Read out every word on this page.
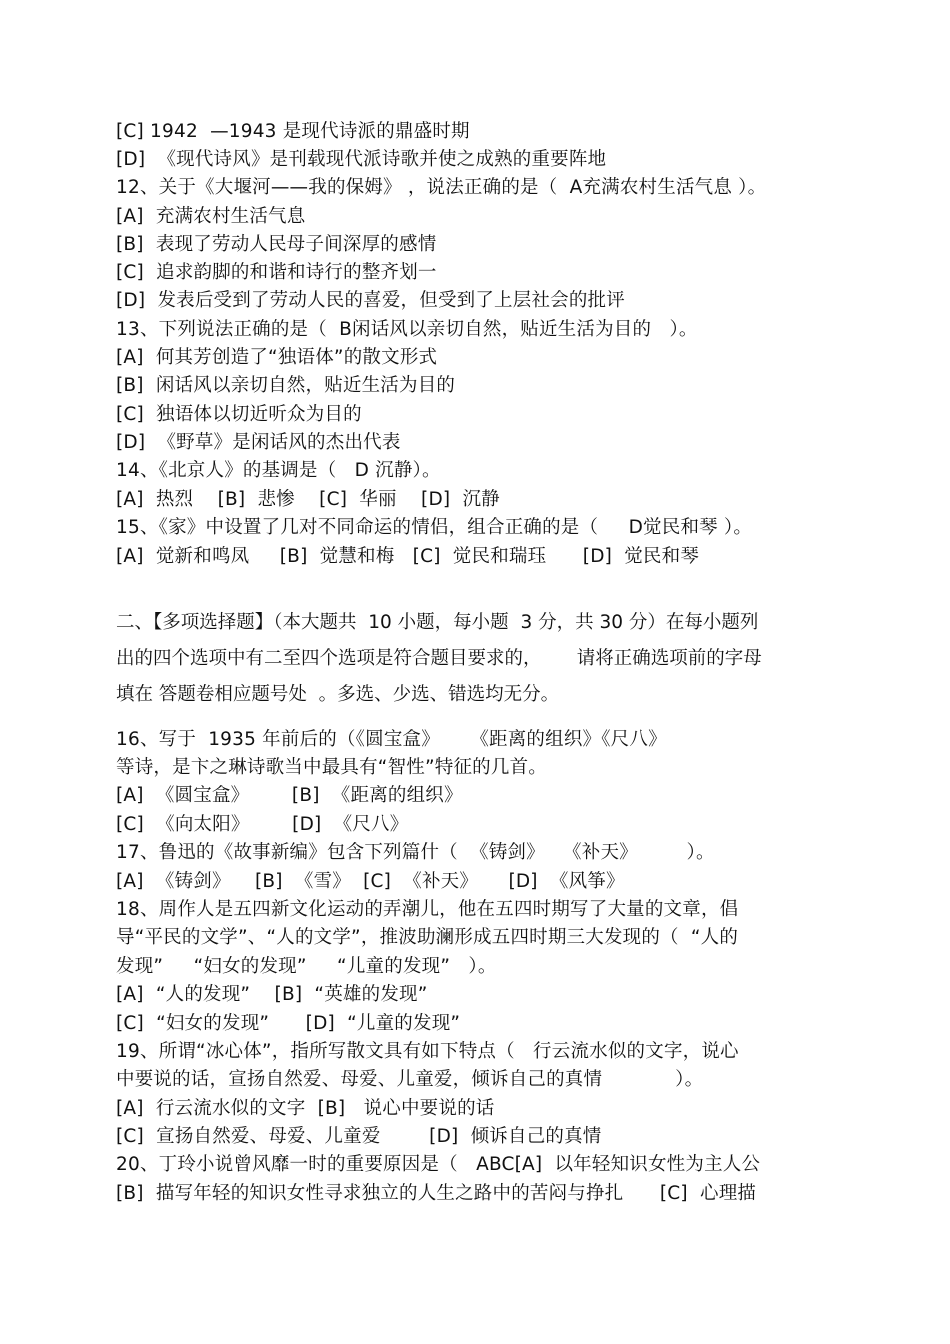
[C] 1942  —1943 是现代诗派的鼎盛时期
[D]  《现代诗风》是刊载现代派诗歌并使之成熟的重要阵地
12、关于《大堰河——我的保姆》 ，说法正确的是（  A充满农村生活气息 ）。
[A]  充满农村生活气息
[B]  表现了劳动人民母子间深厚的感情
[C]  追求韵脚的和谐和诗行的整齐划一
[D]  发表后受到了劳动人民的喜爱，但受到了上层社会的批评
13、下列说法正确的是（  B闲话风以亲切自然，贴近生活为目的   ）。
[A]  何其芳创造了“独语体”的散文形式
[B]  闲话风以亲切自然，贴近生活为目的
[C]  独语体以切近听众为目的
[D]  《野草》是闲话风的杰出代表
14、《北京人》的基调是（   D 沉静）。
[A]  热烈    [B]  悲惨    [C]  华丽    [D]  沉静
15、《家》中设置了几对不同命运的情侣，组合正确的是（     D觉民和琴 ）。
[A]  觉新和鸣凤     [B]  觉慧和梅   [C]  觉民和瑞珏      [D]  觉民和琴
二、【多项选择题】（本大题共  10 小题，每小题  3 分，共 30 分）在每小题列
出的四个选项中有二至四个选项是符合题目要求的，      请将正确选项前的字母
填在 答题卷相应题号处  。多选、少选、错选均无分。
16、写于  1935 年前后的（《圆宝盒》     《距离的组织》《尺八》
等诗，是卞之琳诗歌当中最具有“智性”特征的几首。
[A]  《圆宝盒》       [B]  《距离的组织》
[C]  《向太阳》       [D]  《尺八》
17、鲁迅的《故事新编》包含下列篇什（  《铸剑》   《补天》        ）。
[A]  《铸剑》    [B]  《雪》  [C]  《补天》     [D]  《风筝》
18、周作人是五四新文化运动的弄潮儿，他在五四时期写了大量的文章，倡
导“平民的文学”、“人的文学”，推波助澜形成五四时期三大发现的（  “人的
发现”     “妇女的发现”     “儿童的发现”   ）。
[A]  “人的发现”    [B]  “英雄的发现”
[C]  “妇女的发现”      [D]  “儿童的发现”
19、所谓“冰心体”，指所写散文具有如下特点（   行云流水似的文字，说心
中要说的话，宣扬自然爱、母爱、儿童爱，倾诉自己的真情            ）。
[A]  行云流水似的文字  [B]   说心中要说的话
[C]  宣扬自然爱、母爱、儿童爱        [D]  倾诉自己的真情
20、丁玲小说曾风靡一时的重要原因是（   ABC[A]  以年轻知识女性为主人公
[B]  描写年轻的知识女性寻求独立的人生之路中的苦闷与挣扎      [C]  心理描
